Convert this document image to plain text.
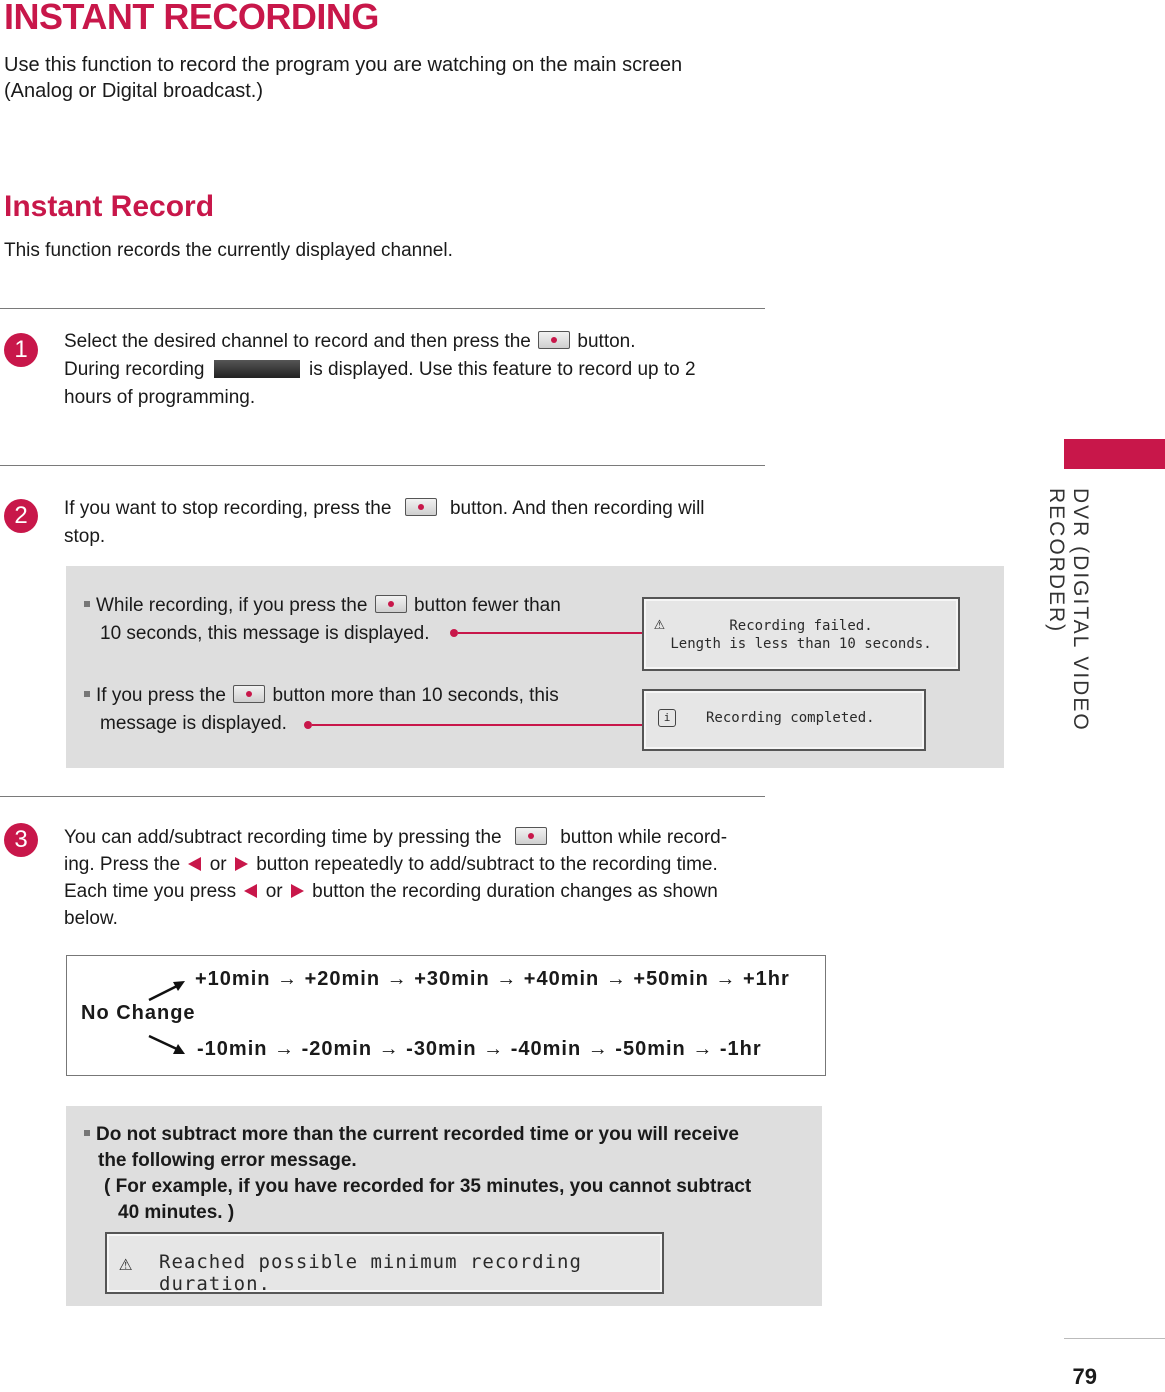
INSTANT RECORDING
Use this function to record the program you are watching on the main screen
(Analog or Digital broadcast.)
Instant Record
This function records the currently displayed channel.
1	Select the desired channel to record and then press the button.
During recording	is displayed. Use this feature to record up to 2
hours of programming.
2	If you want to stop recording, press the	button. And then recording will
stop.
While recording, if you press the button fewer than
10 seconds, this message is displayed.	⚠	Recording failed.
Length is less than 10 seconds.
If you press the button more than 10 seconds, this
message is displayed.	i	Recording completed.
3	You can add/subtract recording time by pressing the	button while record-
ing. Press the or button repeatedly to add/subtract to the recording time.
Each time you press or button the recording duration changes as shown
below.
+10min → +20min → +30min → +40min → +50min → +1hr
No Change
-10min → -20min → -30min → -40min → -50min → -1hr
Do not subtract more than the current recorded time or you will receive
the following error message.
( For example, if you have recorded for 35 minutes, you cannot subtract
40 minutes. )
⚠ Reached possible minimum recording duration.
DVR (DIGITAL VIDEO RECORDER)
79
